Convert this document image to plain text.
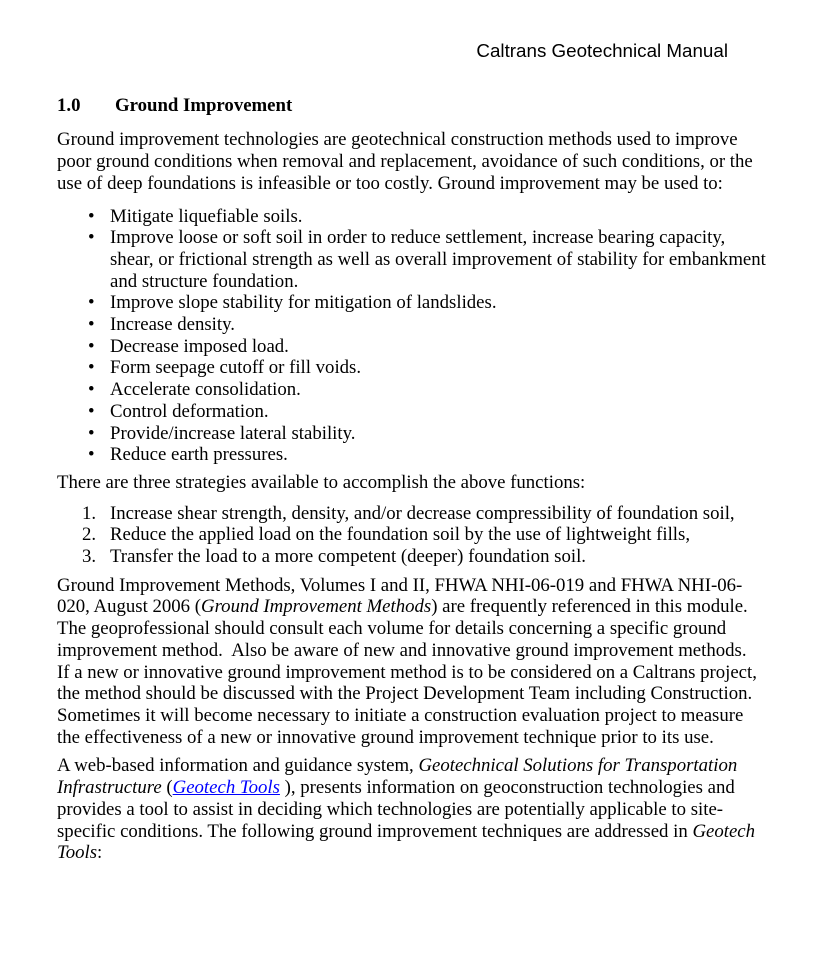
Caltrans Geotechnical Manual
1.0 Ground Improvement

Ground improvement technologies are geotechnical construction methods used to improve poor ground conditions when removal and replacement, avoidance of such conditions, or the use of deep foundations is infeasible or too costly. Ground improvement may be used to:

• Mitigate liquefiable soils.
• Improve loose or soft soil in order to reduce settlement, increase bearing capacity, shear, or frictional strength as well as overall improvement of stability for embankment and structure foundation.
• Improve slope stability for mitigation of landslides.
• Increase density.
• Decrease imposed load.
• Form seepage cutoff or fill voids.
• Accelerate consolidation.
• Control deformation.
• Provide/increase lateral stability.
• Reduce earth pressures.

There are three strategies available to accomplish the above functions:

Increase shear strength, density, and/or decrease compressibility of foundation soil,
Reduce the applied load on the foundation soil by the use of lightweight fills,
Transfer the load to a more competent (deeper) foundation soil.

Ground Improvement Methods, Volumes I and II, FHWA NHI-06-019 and FHWA NHI-06-020, August 2006 (Ground Improvement Methods) are frequently referenced in this module. The geoprofessional should consult each volume for details concerning a specific ground improvement method.  Also be aware of new and innovative ground improvement methods.  If a new or innovative ground improvement method is to be considered on a Caltrans project, the method should be discussed with the Project Development Team including Construction.  Sometimes it will become necessary to initiate a construction evaluation project to measure the effectiveness of a new or innovative ground improvement technique prior to its use.

A web-based information and guidance system, Geotechnical Solutions for Transportation Infrastructure (Geotech Tools ), presents information on geoconstruction technologies and provides a tool to assist in deciding which technologies are potentially applicable to site-specific conditions. The following ground improvement techniques are addressed in Geotech Tools:
